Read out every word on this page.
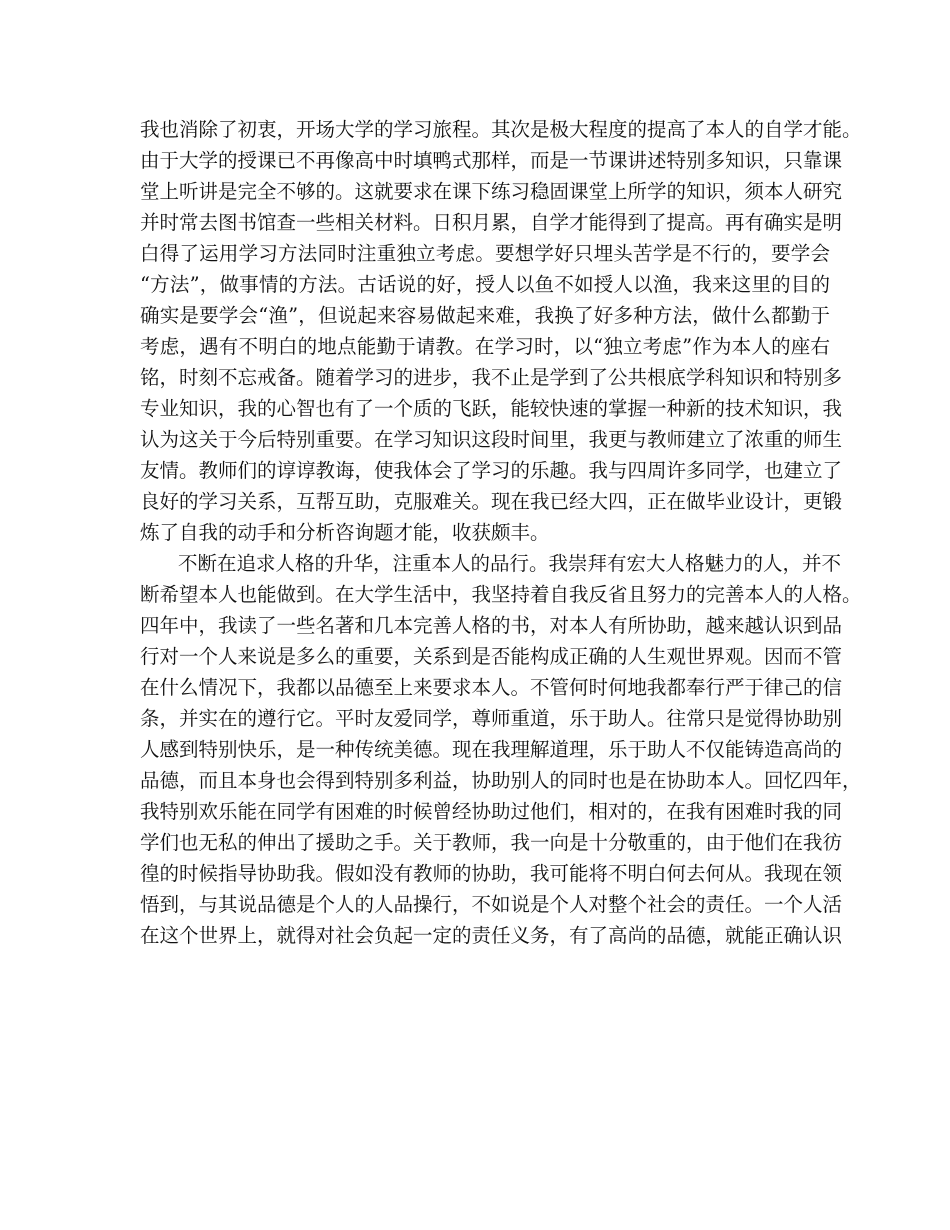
我也消除了初衷，开场大学的学习旅程。其次是极大程度的提高了本人的自学才能。
由于大学的授课已不再像高中时填鸭式那样，而是一节课讲述特别多知识，只靠课
堂上听讲是完全不够的。这就要求在课下练习稳固课堂上所学的知识，须本人研究
并时常去图书馆查一些相关材料。日积月累，自学才能得到了提高。再有确实是明
白得了运用学习方法同时注重独立考虑。要想学好只埋头苦学是不行的，要学会
“方法”，做事情的方法。古话说的好，授人以鱼不如授人以渔，我来这里的目的
确实是要学会“渔”，但说起来容易做起来难，我换了好多种方法，做什么都勤于
考虑，遇有不明白的地点能勤于请教。在学习时，以“独立考虑”作为本人的座右
铭，时刻不忘戒备。随着学习的进步，我不止是学到了公共根底学科知识和特别多
专业知识，我的心智也有了一个质的飞跃，能较快速的掌握一种新的技术知识，我
认为这关于今后特别重要。在学习知识这段时间里，我更与教师建立了浓重的师生
友情。教师们的谆谆教诲，使我体会了学习的乐趣。我与四周许多同学，也建立了
良好的学习关系，互帮互助，克服难关。现在我已经大四，正在做毕业设计，更锻
炼了自我的动手和分析咨询题才能，收获颇丰。
不断在追求人格的升华，注重本人的品行。我崇拜有宏大人格魅力的人，并不
断希望本人也能做到。在大学生活中，我坚持着自我反省且努力的完善本人的人格。
四年中，我读了一些名著和几本完善人格的书，对本人有所协助，越来越认识到品
行对一个人来说是多么的重要，关系到是否能构成正确的人生观世界观。因而不管
在什么情况下，我都以品德至上来要求本人。不管何时何地我都奉行严于律己的信
条，并实在的遵行它。平时友爱同学，尊师重道，乐于助人。往常只是觉得协助别
人感到特别快乐，是一种传统美德。现在我理解道理，乐于助人不仅能铸造高尚的
品德，而且本身也会得到特别多利益，协助别人的同时也是在协助本人。回忆四年，
我特别欢乐能在同学有困难的时候曾经协助过他们，相对的，在我有困难时我的同
学们也无私的伸出了援助之手。关于教师，我一向是十分敬重的，由于他们在我彷
徨的时候指导协助我。假如没有教师的协助，我可能将不明白何去何从。我现在领
悟到，与其说品德是个人的人品操行，不如说是个人对整个社会的责任。一个人活
在这个世界上，就得对社会负起一定的责任义务，有了高尚的品德，就能正确认识
